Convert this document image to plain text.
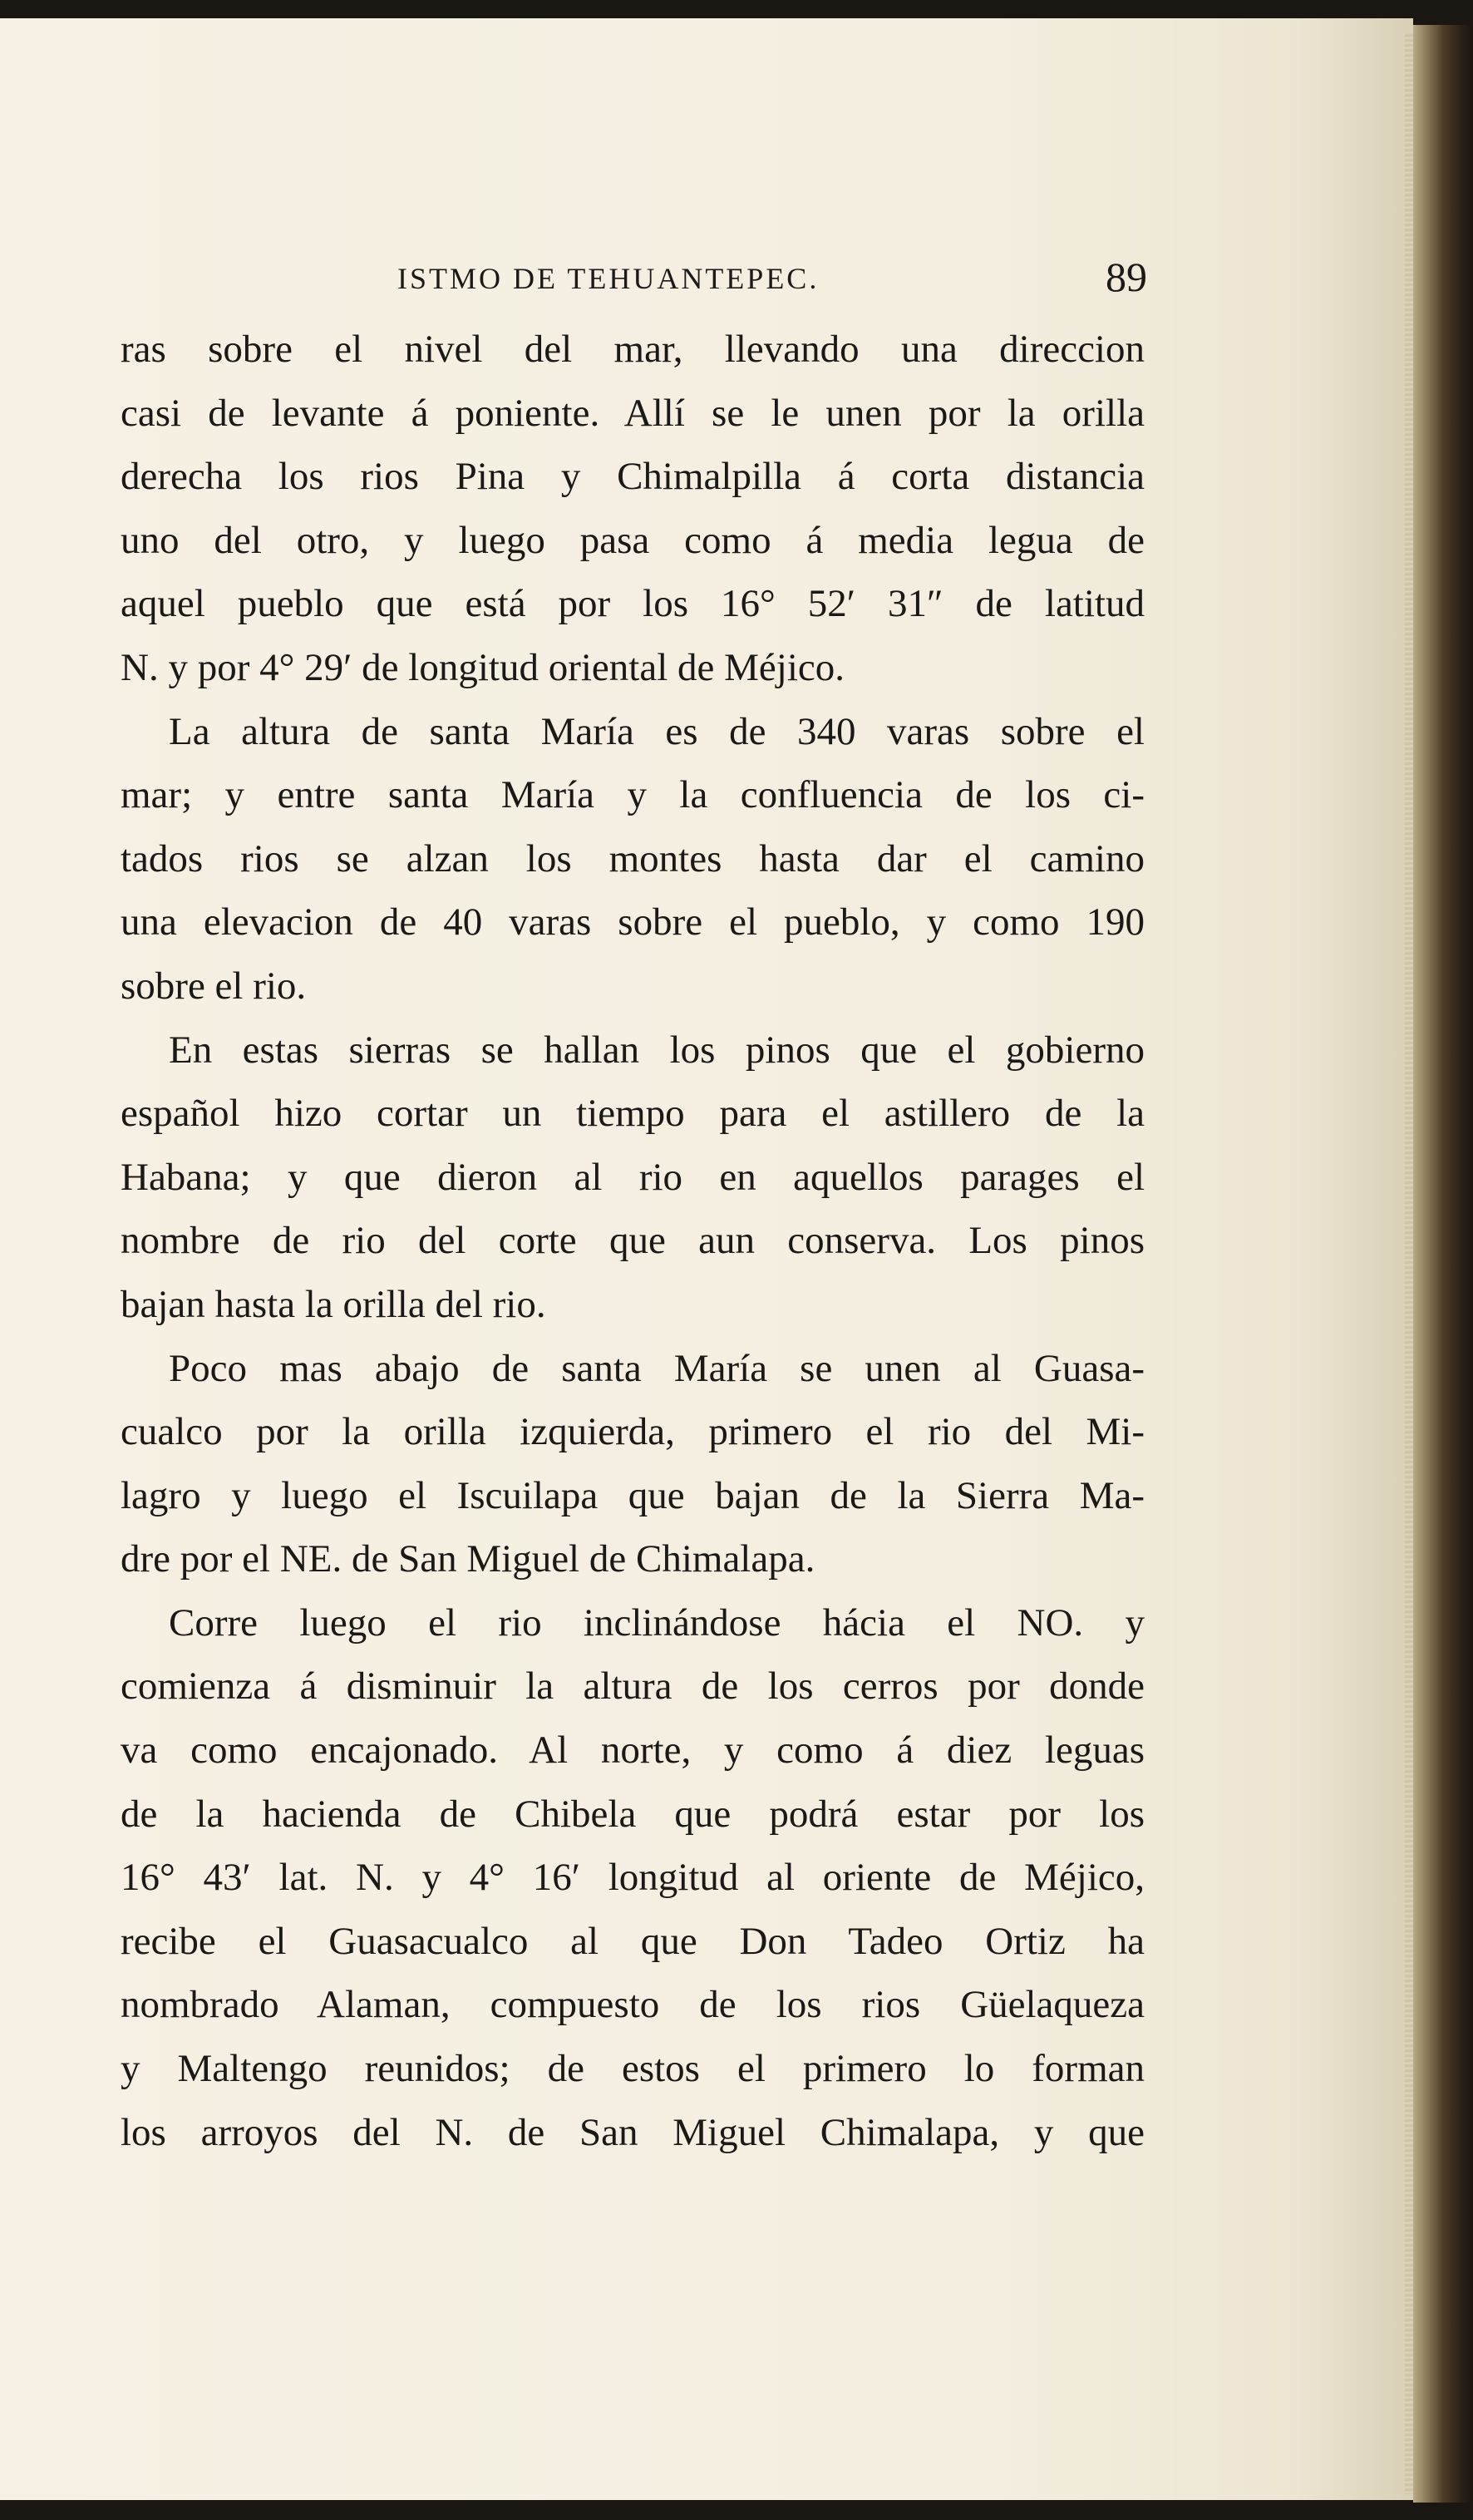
ISTMO DE TEHUANTEPEC.	89
ras sobre el nivel del mar, llevando una direccion
casi de levante á poniente. Allí se le unen por la orilla
derecha los rios Pina y Chimalpilla á corta distancia
uno del otro, y luego pasa como á media legua de
aquel pueblo que está por los 16° 52′ 31″ de latitud
N. y por 4° 29′ de longitud oriental de Méjico.
La altura de santa María es de 340 varas sobre el
mar; y entre santa María y la confluencia de los ci-
tados rios se alzan los montes hasta dar el camino
una elevacion de 40 varas sobre el pueblo, y como 190
sobre el rio.
En estas sierras se hallan los pinos que el gobierno
español hizo cortar un tiempo para el astillero de la
Habana; y que dieron al rio en aquellos parages el
nombre de rio del corte que aun conserva. Los pinos
bajan hasta la orilla del rio.
Poco mas abajo de santa María se unen al Guasa-
cualco por la orilla izquierda, primero el rio del Mi-
lagro y luego el Iscuilapa que bajan de la Sierra Ma-
dre por el NE. de San Miguel de Chimalapa.
Corre luego el rio inclinándose hácia el NO. y
comienza á disminuir la altura de los cerros por donde
va como encajonado. Al norte, y como á diez leguas
de la hacienda de Chibela que podrá estar por los
16° 43′ lat. N. y 4° 16′ longitud al oriente de Méjico,
recibe el Guasacualco al que Don Tadeo Ortiz ha
nombrado Alaman, compuesto de los rios Güelaqueza
y Maltengo reunidos; de estos el primero lo forman
los arroyos del N. de San Miguel Chimalapa, y que
